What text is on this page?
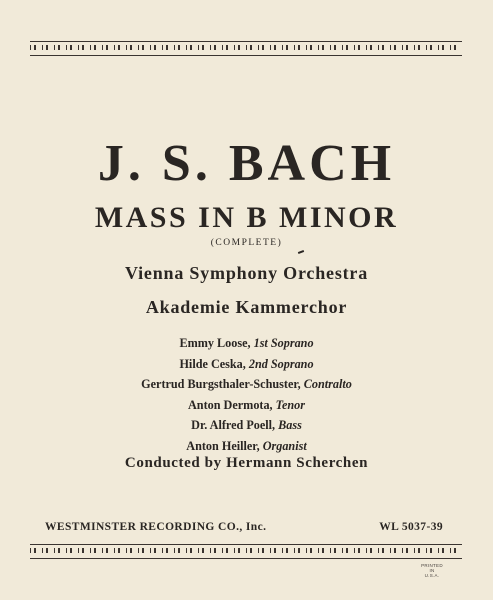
J. S. BACH
MASS IN B MINOR
(COMPLETE)
Vienna Symphony Orchestra
Akademie Kammerchor
Emmy Loose, 1st Soprano
Hilde Ceska, 2nd Soprano
Gertrud Burgsthaler-Schuster, Contralto
Anton Dermota, Tenor
Dr. Alfred Poell, Bass
Anton Heiller, Organist
Conducted by Hermann Scherchen
WESTMINSTER RECORDING CO., Inc.	WL 5037-39
PRINTED
IN
U.S.A.
